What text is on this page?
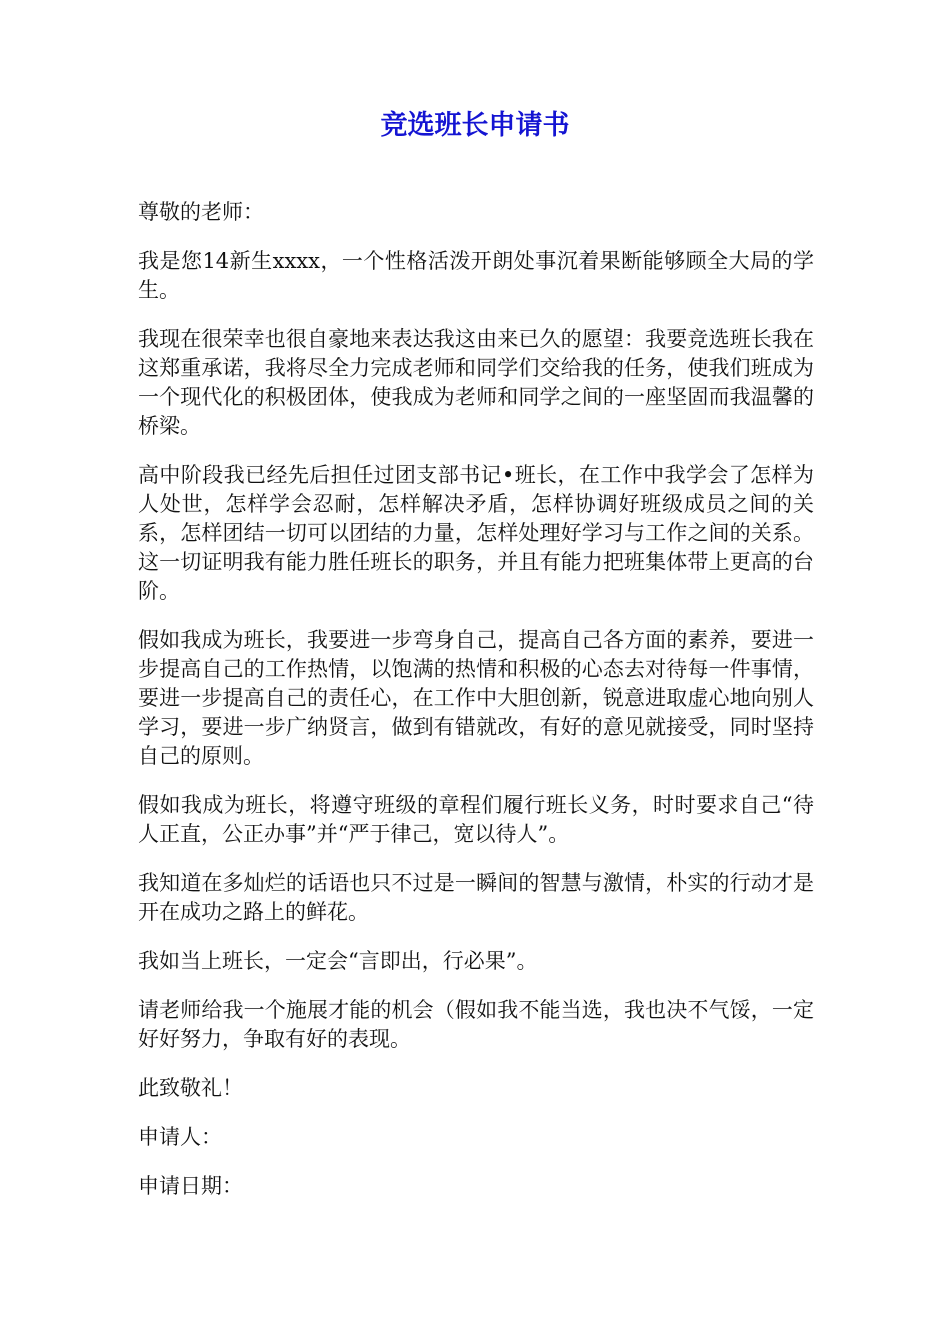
竞选班长申请书

尊敬的老师：

我是您14新生xxxx，一个性格活泼开朗处事沉着果断能够顾全大局的学生。

我现在很荣幸也很自豪地来表达我这由来已久的愿望：我要竞选班长我在这郑重承诺，我将尽全力完成老师和同学们交给我的任务，使我们班成为一个现代化的积极团体，使我成为老师和同学之间的一座坚固而我温馨的桥梁。

高中阶段我已经先后担任过团支部书记•班长，在工作中我学会了怎样为人处世，怎样学会忍耐，怎样解决矛盾，怎样协调好班级成员之间的关系，怎样团结一切可以团结的力量，怎样处理好学习与工作之间的关系。这一切证明我有能力胜任班长的职务，并且有能力把班集体带上更高的台阶。

假如我成为班长，我要进一步弯身自己，提高自己各方面的素养，要进一步提高自己的工作热情，以饱满的热情和积极的心态去对待每一件事情，要进一步提高自己的责任心，在工作中大胆创新，锐意进取虚心地向别人学习，要进一步广纳贤言，做到有错就改，有好的意见就接受，同时坚持自己的原则。

假如我成为班长，将遵守班级的章程们履行班长义务，时时要求自己“待人正直，公正办事”并“严于律己，宽以待人”。

我知道在多灿烂的话语也只不过是一瞬间的智慧与激情，朴实的行动才是开在成功之路上的鲜花。

我如当上班长，一定会“言即出，行必果”。

请老师给我一个施展才能的机会（假如我不能当选，我也决不气馁，一定好好努力，争取有好的表现。

此致敬礼！

申请人：

申请日期：
